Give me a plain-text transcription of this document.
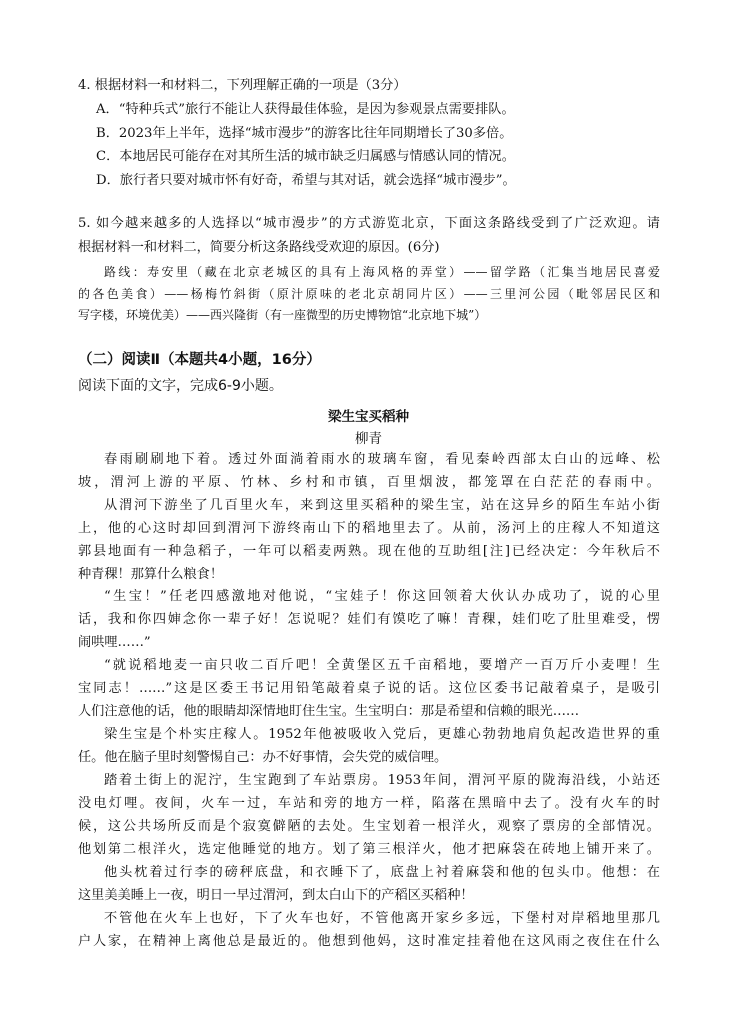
4. 根据材料一和材料二，下列理解正确的一项是（3分）
A．“特种兵式”旅行不能让人获得最佳体验，是因为参观景点需要排队。
B．2023年上半年，选择“城市漫步”的游客比往年同期增长了30多倍。
C．本地居民可能存在对其所生活的城市缺乏归属感与情感认同的情况。
D．旅行者只要对城市怀有好奇，希望与其对话，就会选择“城市漫步”。
5. 如今越来越多的人选择以“城市漫步”的方式游览北京，下面这条路线受到了广泛欢迎。请
根据材料一和材料二，简要分析这条路线受欢迎的原因。(6分)
路线：寿安里（藏在北京老城区的具有上海风格的弄堂）——留学路（汇集当地居民喜爱
的各色美食）——杨梅竹斜街（原汁原味的老北京胡同片区）——三里河公园（毗邻居民区和
写字楼，环境优美）——西兴隆街（有一座微型的历史博物馆“北京地下城”）
（二）阅读Ⅱ（本题共4小题，16分）
阅读下面的文字，完成6-9小题。
梁生宝买稻种
柳青
春雨刷刷地下着。透过外面淌着雨水的玻璃车窗，看见秦岭西部太白山的远峰、松
坡，渭河上游的平原、竹林、乡村和市镇，百里烟波，都笼罩在白茫茫的春雨中。
从渭河下游坐了几百里火车，来到这里买稻种的梁生宝，站在这异乡的陌生车站小街
上，他的心这时却回到渭河下游终南山下的稻地里去了。从前，汤河上的庄稼人不知道这
郭县地面有一种急稻子，一年可以稻麦两熟。现在他的互助组[注]已经决定：今年秋后不
种青稞！那算什么粮食！
“生宝！”任老四感激地对他说，“宝娃子！你这回领着大伙认办成功了，说的心里
话，我和你四婶念你一辈子好！怎说呢？娃们有馍吃了嘛！青稞，娃们吃了肚里难受，愣
闹哄哩……”
“就说稻地麦一亩只收二百斤吧！全黄堡区五千亩稻地，要增产一百万斤小麦哩！生
宝同志！……”这是区委王书记用铅笔敲着桌子说的话。这位区委书记敲着桌子，是吸引
人们注意他的话，他的眼睛却深情地盯住生宝。生宝明白：那是希望和信赖的眼光……
梁生宝是个朴实庄稼人。1952年他被吸收入党后，更雄心勃勃地肩负起改造世界的重
任。他在脑子里时刻警惕自己：办不好事情，会失党的威信哩。
踏着土街上的泥泞，生宝跑到了车站票房。1953年间，渭河平原的陇海沿线，小站还
没电灯哩。夜间，火车一过，车站和旁的地方一样，陷落在黑暗中去了。没有火车的时
候，这公共场所反而是个寂寞僻陋的去处。生宝划着一根洋火，观察了票房的全部情况。
他划第二根洋火，选定他睡觉的地方。划了第三根洋火，他才把麻袋在砖地上铺开来了。
他头枕着过行李的磅秤底盘，和衣睡下了，底盘上衬着麻袋和他的包头巾。他想：在
这里美美睡上一夜，明日一早过渭河，到太白山下的产稻区买稻种！
不管他在火车上也好，下了火车也好，不管他离开家乡多远，下堡村对岸稻地里那几
户人家，在精神上离他总是最近的。他想到他妈，这时准定挂着他在这风雨之夜住在什么
